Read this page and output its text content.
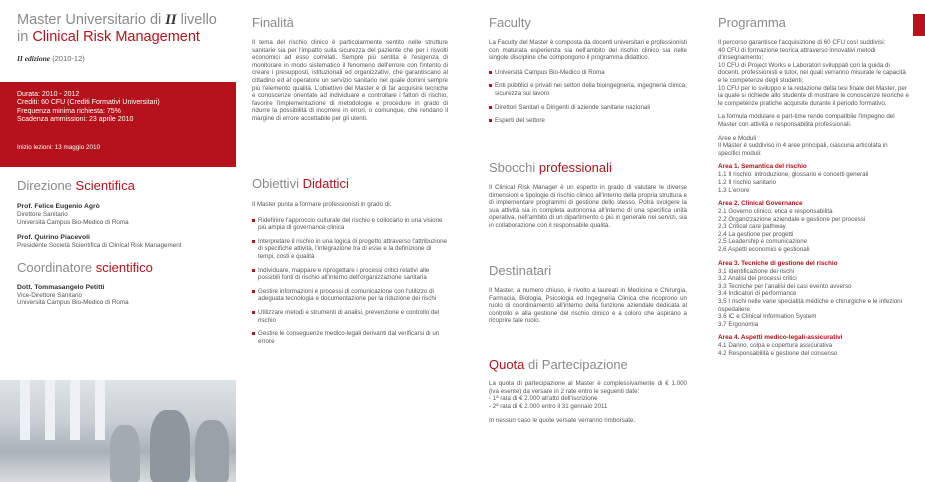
Master Universitario di II livello
in Clinical Risk Management
II edizione (2010-12)
Durata: 2010 - 2012
Crediti: 60 CFU (Crediti Formativi Universitari)
Frequenza minima richiesta: 75%
Scadenza ammissioni: 23 aprile 2010
Inizio lezioni: 13 maggio 2010
Direzione Scientifica
Prof. Felice Eugenio Agrò
Direttore Sanitario
Università Campus Bio-Medico di Roma
Prof. Quirino Piacevoli
Presidente Società Scientifica di Clinical Risk Management
Coordinatore scientifico
Dott. Tommasangelo Petitti
Vice-Direttore Sanitario
Università Campus Bio-Medico di Roma
Finalità
Il tema del rischio clinico è particolarmente sentito nelle strutture sanitarie sia per l'impatto sulla sicurezza del paziente che per i risvolti economici ad esso correlati. Sempre più sentita è l'esigenza di monitorare in modo sistematico il fenomeno dell'errore con l'intento di creare i presupposti, istituzionali ed organizzativi, che garantiscano al cittadino ed al operatore un servizio sanitario nel quale domini sempre più l'elemento qualità. L'obiettivo del Master è di far acquisire tecniche e conoscenze orientate ad individuare e controllare i fattori di rischio, favorire l'implementazione di metodologie e procedure in grado di ridurre la possibilità di incorrere in errori, o comunque, che rendano il margine di errore accettabile per gli utenti.
Obiettivi Didattici
Il Master punta a formare professionisti in grado di:
Ridefinire l'approccio culturale del rischio e collocarlo in una visione più ampia di governance clinica
Interpretare il rischio in una logica di progetto attraverso l'attribuzione di specifiche attività, l'integrazione tra di esse e la definizione di tempi, costi e qualità
Individuare, mappare e riprogettare i processi critici relativi alle possibili fonti di rischio all'interno dell'organizzazione sanitaria
Gestire informazioni e processi di comunicazione con l'utilizzo di adeguata tecnologia e documentazione per la riduzione dei rischi
Utilizzare metodi e strumenti di analisi, prevenzione e controllo del rischio
Gestire le conseguenze medico-legali derivanti dal verificarsi di un errore
Faculty
La Faculty del Master è composta da docenti universitari e professionisti con maturata esperienza sia nell'ambito del rischio clinico sia nelle singole discipline che compongono il programma didattico.
Università Campus Bio-Medico di Roma
Enti pubblici e privati nei settori della bioingegneria, ingegneria clinica, sicurezza sul lavoro
Direttori Sanitari e Dirigenti di aziende sanitarie nazionali
Esperti del settore
Sbocchi professionali
Il Clinical Risk Manager è un esperto in grado di valutare le diverse dimensioni e tipologie di rischio clinico all'interno della propria struttura e di implementare programmi di gestione dello stesso. Potrà svolgere la sua attività sia in completa autonomia all'interno di una specifica unità operativa, nell'ambito di un dipartimento o più in generale nei servizi, sia in collaborazione con il responsabile qualità.
Destinatari
Il Master, a numero chiuso, è rivolto a laureati in Medicina e Chirurgia, Farmacia, Biologia, Psicologia ed Ingegneria Clinica che ricoprono un ruolo di coordinamento all'interno della funzione aziendale dedicata al controllo e alla gestione del rischio clinico e a coloro che aspirano a ricoprire tale ruolo.
Quota di Partecipazione
La quota di partecipazione al Master è complessivamente di € 1.000 (iva esente) da versare in 2 rate entro le seguenti date:
- 1ª rata di € 2.000 all'atto dell'iscrizione
- 2ª rata di € 2.000 entro il 31 gennaio 2011
In nessun caso le quote versate verranno rimborsate.
Programma
Il percorso garantisce l'acquisizione di 60 CFU così suddivisi:
40 CFU di formazione teorica attraverso innovativi metodi d'insegnamento;
10 CFU di Project Works e Laboratori sviluppati con la guida di docenti, professionisti e tutor, nei quali verranno misurate le capacità e le competenze degli studenti;
10 CFU per lo sviluppo e la redazione della tesi finale del Master, per la quale si richiede allo studente di mostrare le conoscenze teoriche e le competenze pratiche acquisite durante il periodo formativo.
La formula modulare e part-time rende compatibile l'impegno del Master con attività e responsabilità professionali.
Aree e Moduli
Il Master è suddiviso in 4 aree principali, ciascuna articolata in specifici moduli:
Area 1. Semantica del rischio
1.1 Il rischio: introduzione, glossario e concetti generali
1.2 Il rischio sanitario
1.3 L'errore
Area 2. Clinical Governance
2.1 Governo clinico, etica e responsabilità
2.2 Organizzazione aziendale e gestione per processi
2.3 Critical care pathway
2.4 La gestione per progetti
2.5 Leadership e comunicazione
2.6 Aspetti economici e gestionali
Area 3. Tecniche di gestione del rischio
3.1 Identificazione dei rischi
3.2 Analisi dei processi critici
3.3 Tecniche per l'analisi dei casi evento avverso
3.4 Indicatori di performance
3.5 I rischi nelle varie specialità mediche e chirurgiche e le infezioni ospedaliere
3.6 IC e Clinical Information System
3.7 Ergonomia
Area 4. Aspetti medico-legali-assicurativi
4.1 Danno, colpa e copertura assicurativa
4.2 Responsabilità e gestione del consenso
